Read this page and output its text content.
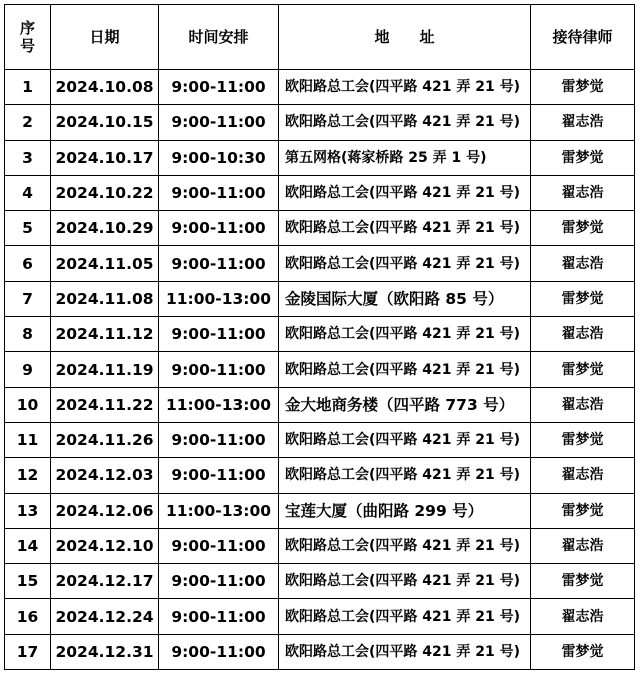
序
号	日期	时间安排	地　　址	接待律师
1	2024.10.08	9:00-11:00	欧阳路总工会(四平路 421 弄 21 号)	雷梦觉
2	2024.10.15	9:00-11:00	欧阳路总工会(四平路 421 弄 21 号)	翟志浩
3	2024.10.17	9:00-10:30	第五网格(蒋家桥路 25 弄 1 号)	雷梦觉
4	2024.10.22	9:00-11:00	欧阳路总工会(四平路 421 弄 21 号)	翟志浩
5	2024.10.29	9:00-11:00	欧阳路总工会(四平路 421 弄 21 号)	雷梦觉
6	2024.11.05	9:00-11:00	欧阳路总工会(四平路 421 弄 21 号)	翟志浩
7	2024.11.08	11:00-13:00	金陵国际大厦（欧阳路 85 号）	雷梦觉
8	2024.11.12	9:00-11:00	欧阳路总工会(四平路 421 弄 21 号)	翟志浩
9	2024.11.19	9:00-11:00	欧阳路总工会(四平路 421 弄 21 号)	雷梦觉
10	2024.11.22	11:00-13:00	金大地商务楼（四平路 773 号）	翟志浩
11	2024.11.26	9:00-11:00	欧阳路总工会(四平路 421 弄 21 号)	雷梦觉
12	2024.12.03	9:00-11:00	欧阳路总工会(四平路 421 弄 21 号)	翟志浩
13	2024.12.06	11:00-13:00	宝莲大厦（曲阳路 299 号）	雷梦觉
14	2024.12.10	9:00-11:00	欧阳路总工会(四平路 421 弄 21 号)	翟志浩
15	2024.12.17	9:00-11:00	欧阳路总工会(四平路 421 弄 21 号)	雷梦觉
16	2024.12.24	9:00-11:00	欧阳路总工会(四平路 421 弄 21 号)	翟志浩
17	2024.12.31	9:00-11:00	欧阳路总工会(四平路 421 弄 21 号)	雷梦觉
